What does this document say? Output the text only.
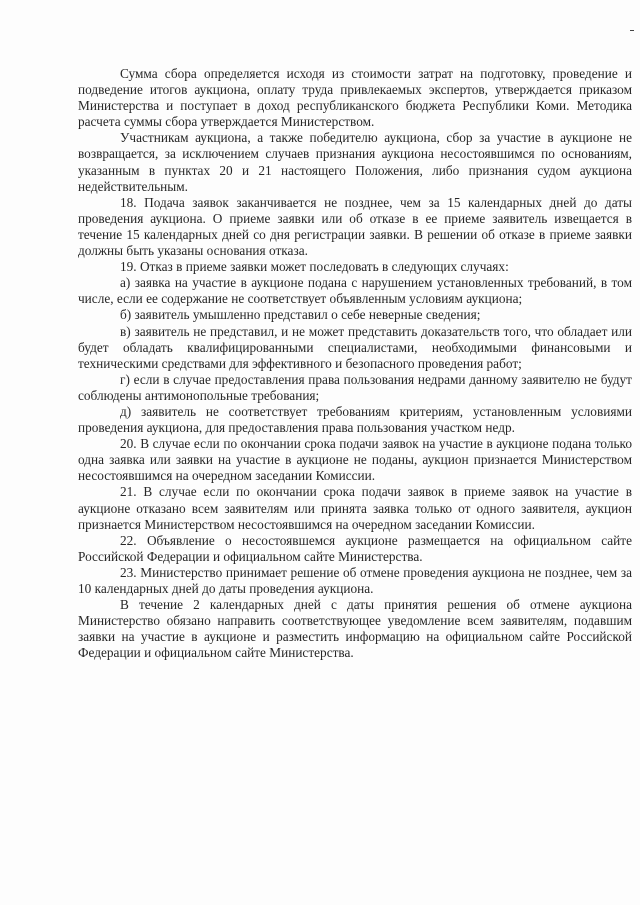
Сумма сбора определяется исходя из стоимости затрат на подготовку, проведение и подведение итогов аукциона, оплату труда привлекаемых экспертов, утверждается приказом Министерства и поступает в доход республиканского бюджета Республики Коми. Методика расчета суммы сбора утверждается Министерством.

Участникам аукциона, а также победителю аукциона, сбор за участие в аукционе не возвращается, за исключением случаев признания аукциона несостоявшимся по основаниям, указанным в пунктах 20 и 21 настоящего Положения, либо признания судом аукциона недействительным.

18. Подача заявок заканчивается не позднее, чем за 15 календарных дней до даты проведения аукциона. О приеме заявки или об отказе в ее приеме заявитель извещается в течение 15 календарных дней со дня регистрации заявки. В решении об отказе в приеме заявки должны быть указаны основания отказа.

19. Отказ в приеме заявки может последовать в следующих случаях:

а) заявка на участие в аукционе подана с нарушением установленных требований, в том числе, если ее содержание не соответствует объявленным условиям аукциона;

б) заявитель умышленно представил о себе неверные сведения;

в) заявитель не представил, и не может представить доказательств того, что обладает или будет обладать квалифицированными специалистами, необходимыми финансовыми и техническими средствами для эффективного и безопасного проведения работ;

г) если в случае предоставления права пользования недрами данному заявителю не будут соблюдены антимонопольные требования;

д) заявитель не соответствует требованиям критериям, установленным условиями проведения аукциона, для предоставления права пользования участком недр.

20. В случае если по окончании срока подачи заявок на участие в аукционе подана только одна заявка или заявки на участие в аукционе не поданы, аукцион признается Министерством несостоявшимся на очередном заседании Комиссии.

21. В случае если по окончании срока подачи заявок в приеме заявок на участие в аукционе отказано всем заявителям или принята заявка только от одного заявителя, аукцион признается Министерством несостоявшимся на очередном заседании Комиссии.

22. Объявление о несостоявшемся аукционе размещается на официальном сайте Российской Федерации и официальном сайте Министерства.

23. Министерство принимает решение об отмене проведения аукциона не позднее, чем за 10 календарных дней до даты проведения аукциона.

В течение 2 календарных дней с даты принятия решения об отмене аукциона Министерство обязано направить соответствующее уведомление всем заявителям, подавшим заявки на участие в аукционе и разместить информацию на официальном сайте Российской Федерации и официальном сайте Министерства.
